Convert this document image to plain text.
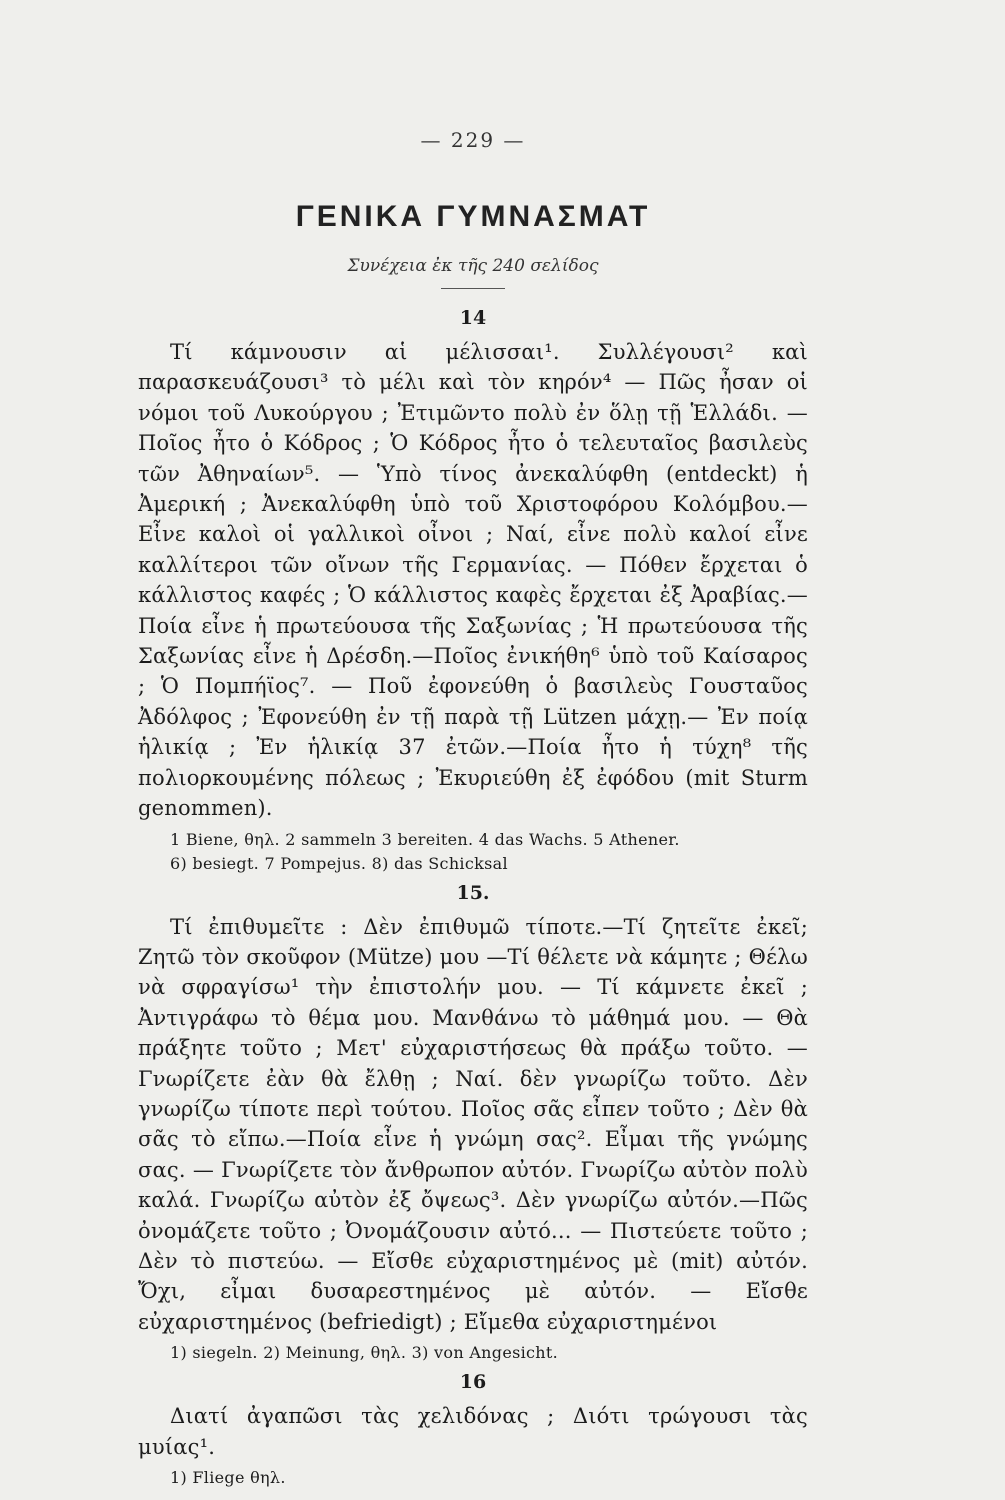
— 229 —
ΓΕΝΙΚΑ ΓΥΜΝΑΣΜΑΤ
Συνέχεια ἐκ τῆς 240 σελίδος
14

Τί κάμνουσιν αἱ μέλισσαι¹. Συλλέγουσι² καὶ παρασκευάζουσι³ τὸ μέλι καὶ τὸν κηρόν⁴ — Πῶς ἦσαν οἱ νόμοι τοῦ Λυκούργου ; Ἐτιμῶντο πολὺ ἐν ὅλῃ τῇ Ἑλλάδι. — Ποῖος ἦτο ὁ Κόδρος ; Ὁ Κόδρος ἦτο ὁ τελευταῖος βασιλεὺς τῶν Ἀθηναίων⁵. — Ὑπὸ τίνος ἀνεκαλύφθη (entdeckt) ἡ Ἀμερική ; Ἀνεκαλύφθη ὑπὸ τοῦ Χριστοφόρου Κολόμβου.— Εἶνε καλοὶ οἱ γαλλικοὶ οἶνοι ; Ναί, εἶνε πολὺ καλοί εἶνε καλλίτεροι τῶν οἴνων τῆς Γερμανίας. — Πόθεν ἔρχεται ὁ κάλλιστος καφές ; Ὁ κάλλιστος καφὲς ἔρχεται ἐξ Ἀραβίας.—Ποία εἶνε ἡ πρωτεύουσα τῆς Σαξωνίας ; Ἡ πρωτεύουσα τῆς Σαξωνίας εἶνε ἡ Δρέσδη.—Ποῖος ἐνικήθη⁶ ὑπὸ τοῦ Καίσαρος ; Ὁ Πομπήϊος⁷. — Ποῦ ἐφονεύθη ὁ βασιλεὺς Γουσταῦος Ἀδόλφος ; Ἐφονεύθη ἐν τῇ παρὰ τῇ Lützen μάχῃ.— Ἐν ποίᾳ ἡλικίᾳ ; Ἐν ἡλικίᾳ 37 ἐτῶν.—Ποία ἦτο ἡ τύχη⁸ τῆς πολιορκουμένης πόλεως ; Ἐκυριεύθη ἐξ ἐφόδου (mit Sturm genommen).

1 Biene, θηλ. 2 sammeln 3 bereiten. 4 das Wachs. 5 Athener.

6) besiegt. 7 Pompejus. 8) das Schicksal

15.

Τί ἐπιθυμεῖτε : Δὲν ἐπιθυμῶ τίποτε.—Τί ζητεῖτε ἐκεῖ; Ζητῶ τὸν σκοῦφον (Mütze) μου —Τί θέλετε νὰ κάμητε ; Θέλω νὰ σφραγίσω¹ τὴν ἐπιστολήν μου. — Τί κάμνετε ἐκεῖ ; Ἀντιγράφω τὸ θέμα μου. Μανθάνω τὸ μάθημά μου. — Θὰ πράξητε τοῦτο ; Μετ' εὐχαριστήσεως θὰ πράξω τοῦτο. — Γνωρίζετε ἐὰν θὰ ἔλθῃ ; Ναί. δὲν γνωρίζω τοῦτο. Δὲν γνωρίζω τίποτε περὶ τούτου. Ποῖος σᾶς εἶπεν τοῦτο ; Δὲν θὰ σᾶς τὸ εἴπω.—Ποία εἶνε ἡ γνώμη σας². Εἶμαι τῆς γνώμης σας. — Γνωρίζετε τὸν ἄνθρωπον αὐτόν. Γνωρίζω αὐτὸν πολὺ καλά. Γνωρίζω αὐτὸν ἐξ ὄψεως³. Δὲν γνωρίζω αὐτόν.—Πῶς ὀνομάζετε τοῦτο ; Ὀνομάζουσιν αὐτό... — Πιστεύετε τοῦτο ; Δὲν τὸ πιστεύω. — Εἴσθε εὐχαριστημένος μὲ (mit) αὐτόν. Ὄχι, εἶμαι δυσαρεστημένος μὲ αὐτόν. — Εἴσθε εὐχαριστημένος (befriedigt) ; Εἴμεθα εὐχαριστημένοι

1) siegeln. 2) Meinung, θηλ. 3) von Angesicht.

16

Διατί ἀγαπῶσι τὰς χελιδόνας ; Διότι τρώγουσι τὰς μυίας¹.

1) Fliege θηλ.
